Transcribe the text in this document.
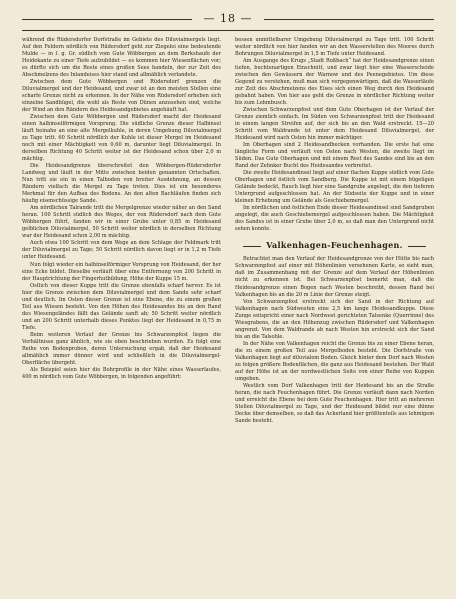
— 18 —

während die Rüdersdorfer Dorfstraße im Gebiete des Diluvialmergels liegt. Auf den Feldern nördlich von Rüdersdorf geht zur Ziegelei eine bedeutende Mulde — in ſ. g. Gr. südlich vom Gute Wöbbergen an dem Berkshaufe der Heidekante zu einer Tiefe aufzubildet — es kommen hier Wiesenflächen vor; es dürfte sich um die Reste eines großen Sees handeln, der zur Zeit des Abschmelzens des Inlandeises hier stand und allmählich verlandete.

Zwischen dem Gute Wöbbergen und Rüdersdorf grenzen die Diluvialmergel und der Heidesand, und zwar ist an den meisten Stellen eine scharfe Grenze nicht zu erkennen. In der Nähe von Rüdersdorf erheben sich einzelne Sandhügel, die wohl als Reste von Dünen anzusehen sind, welche der Wind an den Rändern des Heidesandgebietes angehäuft hat.

Zwischen dem Gute Wöbbergen und Rüdersdorf macht der Heidesand einen halbinselförmigen Vorsprung. Die südliche Grenze dieser Halbinsel läuft beinahe an eine alte Mergelkuhle, in deren Umgebung Diluvialmergel zu Tage tritt. 60 Schritt nördlich der Kuhle ist dieser Mergel im Heidesand noch mit einer Mächtigkeit von 0,60 m, darunter liegt Diluvialmergel. In derselben Richtung 40 Schritt weiter ist der Heidesand schon über 2,0 m mächtig.

Die Heidesandgrenze überschreitet den Wöbbergen-Rüdersdorfer Landweg und läuft in der Mitte zwischen beiden genannten Ortschaften. Nun tritt sie ein in einen Talboden von breiter Ausdehnung, an dessen Rändern vielfach die Mergel zu Tage treten. Dies ist ein besonderes Merkmal für den Aufbau des Bodens. An den alten Bachläufen finden sich häufig eisenschüssige Sande.

Am nördlichen Talrande tritt die Mergelgrenze wieder näher an den Sand heran. 100 Schritt südlich des Weges, der von Rüdersdorf nach dem Gute Wöbbergen führt, fanden wir in einer Grube unter 0,85 m Heidesand gelblichen Diluvialmergel, 50 Schritt weiter nördlich in derselben Richtung war der Heidesand schon 2,00 m mächtig.

Auch etwa 100 Schritt von dem Wege an dem Schlage der Feldmark tritt der Diluvialmergel zu Tage; 50 Schritt nördlich davon liegt er in 1,2 m Tiefe unter Heidesand.

Nun folgt wieder ein halbinselförmiger Vorsprung von Heidesand, der her eine Ecke bildet. Dieselbe verläuft über eine Entfernung von 200 Schritt in der Hauptrichtung der Fingerhutbildung, Höhe der Kuppe 15 m.

Ostlich von dieser Kuppe tritt die Grenze ebenfalls scharf hervor. Es ist hier die Grenze zwischen dem Diluvialmergel und dem Sande sehr scharf und deutlich. Im Osten dieser Grenze ist eine Ebene, die zu einem großen Teil aus Wiesen besteht. Von den Höhen des Heidesandes bis an den Rand des Wiesengeländes fällt das Gelände sanft ab; 50 Schritt weiter nördlich und an 200 Schritt unterhalb dieses Punktes liegt der Heidesand in 0,75 m Tiefe.

Beim weiteren Verlauf der Grenze bis Schwarzenpfost liegen die Verhältnisse ganz ähnlich, wie sie oben beschrieben wurden. Es folgt eine Reihe von Bodenproben, deren Untersuchung ergab, daß der Heidesand allmählich immer dünner wird und schließlich in die Diluvialmergel-Oberfläche übergeht.

Als Beispiel seien hier die Bohrprofile in der Nähe eines Wasserlaufes, 400 m nördlich vom Gute Wöbbergen, in folgenden angeführt:

bessen unmittelbarer Umgebung Diluvialmergel zu Tage tritt. 100 Schritt weiter nördlich von hier fanden wir an den Wasserstellen des Moores durch Bohrungen Diluvialmergel in 1,5 m Tiefe unter Heidesand.

Am Ausgange des Krugs „Stadt Roßbach“ hat der Heidesandgrenze einen tiefen, buchtenartigen Einschnitt, und zwar liegt hier eine Wasserscheide zwischen den Gewässern der Warnow und des Peenegebietes. Um diese Gegend zu verstehen, muß man sich vergegenwärtigen, daß die Wasserläufe zur Zeit des Abschmelzens des Eises sich einen Weg durch den Heidesand gebahnt haben. Von hier aus geht die Grenze in nördlicher Richtung weiter bis zum Lehmbusch.

Zwischen Schwarzenpfost und dem Gute Oberhagen ist der Verlauf der Grenze ziemlich einfach. Im Süden von Schwarzenpfost tritt der Heidesand in einem langen Streifen auf, der sich bis an den Wald erstreckt. 15—20 Schritt vom Waldrande ist unter dem Heidesand Diluvialmergel, der Heidesand wird nach Osten hin immer mächtiger.

Im Oberhagen sind 2 Heidesandbecken vorhanden. Die erste hat eine längliche Form und verläuft von Osten nach Westen, die zweite liegt im Süden. Das Gute Oberhagen und mit einem Rest des Sandes sind bis an den Rand der Zehnker Bucht des Heidesandes verbreitet.

Die zweite Heidesandinsel liegt auf einer flachen Kuppe südlich vom Gute Oberhagen und östlich vom Sandberg. Die Kuppe ist mit einem hügeligen Gelände bedeckt, Rauch liegt hier eine Sandgrube angelegt, die den tieferen Untergrund aufgeschlossen hat. An der Südseite der Kuppe und in einer kleinen Erhebung um Gelände als Geschiebemergel.

Im nördlichen und östlichen Ende dieser Heidesandinsel sind Sandgruben angelegt, die auch Geschiebemergel aufgeschlossen haben. Die Mächtigkeit des Sandes ist in einer Grube über 2,0 m, so daß man den Untergrund nicht sehen konnte.

Valkenhagen-Feuchenhagen.

Betrachtet man den Verlauf der Heidesandgrenze von der Hütte bis nach Schwarzenpfost auf einer mit Höhenlinien versehenen Karte, so sieht man, daß im Zusammenhang mit der Grenze auf dem Verlauf der Höhenlinien nicht zu erkennen ist. Bei Schwarzenpfost bemerkt man, daß die Heidesandgrenze einen Bogen nach Westen beschreibt, dessen Rand bei Valkenhagen bis an die 20 m Linie der Grenze steigt.

Von Schwarzenpfost erstreckt sich der Sand in der Richtung auf Valkenhagen nach Südwesten eine 2,5 km lange Heidesandkuppe. Diese Zunge entspricht einer nach Nordwest gerichteten Talsenke (Querrinne) des Wiesgrabens, die an den Höhenzug zwischen Rüdersdorf und Valkenhagen angrenzt. Von dem Waldrande ab nach Westen hin erstreckt sich der Sand bis an die Talsohle.

In der Nähe von Valkenhagen reicht die Grenze bis zu einer Ebene heran, die zu einem großen Teil aus Mergelboden besteht. Die Dorfstraße von Valkenhagen liegt auf diluvialem Boden. Gleich hinter dem Dorf nach Westen zu folgen größere Bodenflächen, die ganz aus Heidesand bestehen. Der Wald auf der Höhe ist an der nordwestlichen Seite von einer Reihe von Kuppen umgeben.

Westlich vom Dorf Valkenhagen tritt der Heidesand bis an die Straße heran, die nach Feuchenhagen führt. Die Grenze verläuft dann nach Norden und erreicht die Ebene bei dem Gute Feuchenhagen. Hier tritt an mehreren Stellen Diluvialmergel zu Tage, und der Heidesand bildet nur eine dünne Decke über demselben, so daß das Ackerland hier größtenteils aus lehmigem Sande besteht.
